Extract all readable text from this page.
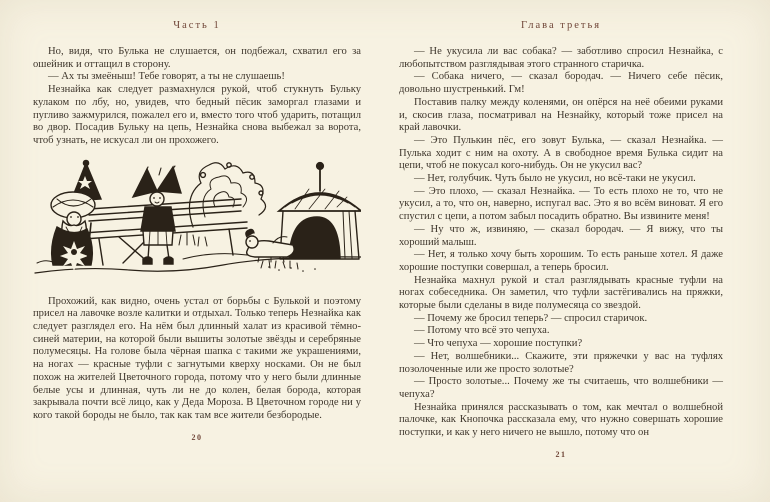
Часть 1

Но, видя, что Булька не слушается, он подбежал, схватил его за ошейник и оттащил в сторону.

— Ах ты змеёныш! Тебе говорят, а ты не слушаешь!

Незнайка как следует размахнулся рукой, чтоб стукнуть Бульку кулаком по лбу, но, увидев, что бедный пёсик заморгал глазами и пугливо зажмурился, пожалел его и, вместо того чтоб ударить, потащил во двор. Посадив Бульку на цепь, Незнайка снова выбежал за ворота, чтоб узнать, не искусал ли он прохожего.

Прохожий, как видно, очень устал от борьбы с Булькой и поэтому присел на лавочке возле калитки и отдыхал. Только теперь Незнайка как следует разглядел его. На нём был длинный халат из красивой тёмно-синей материи, на которой были вышиты золотые звёзды и серебряные полумесяцы. На голове была чёрная шапка с такими же украшениями, на ногах — красные туфли с загнутыми кверху носками. Он не был похож на жителей Цветочного города, потому что у него были длинные белые усы и длинная, чуть ли не до колен, белая борода, которая закрывала почти всё лицо, как у Деда Мороза. В Цветочном городе ни у кого такой бороды не было, так как там все жители безбородые.

20
Глава третья

— Не укусила ли вас собака? — заботливо спросил Незнайка, с любопытством разглядывая этого странного старичка.

— Собака ничего, — сказал бородач. — Ничего себе пёсик, довольно шустренький. Гм!

Поставив палку между коленями, он опёрся на неё обеими руками и, скосив глаза, посматривал на Незнайку, который тоже присел на край лавочки.

— Это Пулькин пёс, его зовут Булька, — сказал Незнайка. — Пулька ходит с ним на охоту. А в свободное время Булька сидит на цепи, чтоб не покусал кого-нибудь. Он не укусил вас?

— Нет, голубчик. Чуть было не укусил, но всё-таки не укусил.

— Это плохо, — сказал Незнайка. — То есть плохо не то, что не укусил, а то, что он, наверно, испугал вас. Это я во всём виноват. Я его спустил с цепи, а потом забыл посадить обратно. Вы извините меня!

— Ну что ж, извиняю, — сказал бородач. — Я вижу, что ты хороший малыш.

— Нет, я только хочу быть хорошим. То есть раньше хотел. Я даже хорошие поступки совершал, а теперь бросил.

Незнайка махнул рукой и стал разглядывать красные туфли на ногах собеседника. Он заметил, что туфли застёгивались на пряжки, которые были сделаны в виде полумесяца со звездой.

— Почему же бросил теперь? — спросил старичок.

— Потому что всё это чепуха.

— Что чепуха — хорошие поступки?

— Нет, волшебники... Скажите, эти пряжечки у вас на туфлях позолоченные или же просто золотые?

— Просто золотые... Почему же ты считаешь, что волшебники — чепуха?

Незнайка принялся рассказывать о том, как мечтал о волшебной палочке, как Кнопочка рассказала ему, что нужно совершать хорошие поступки, и как у него ничего не вышло, потому что он

21
